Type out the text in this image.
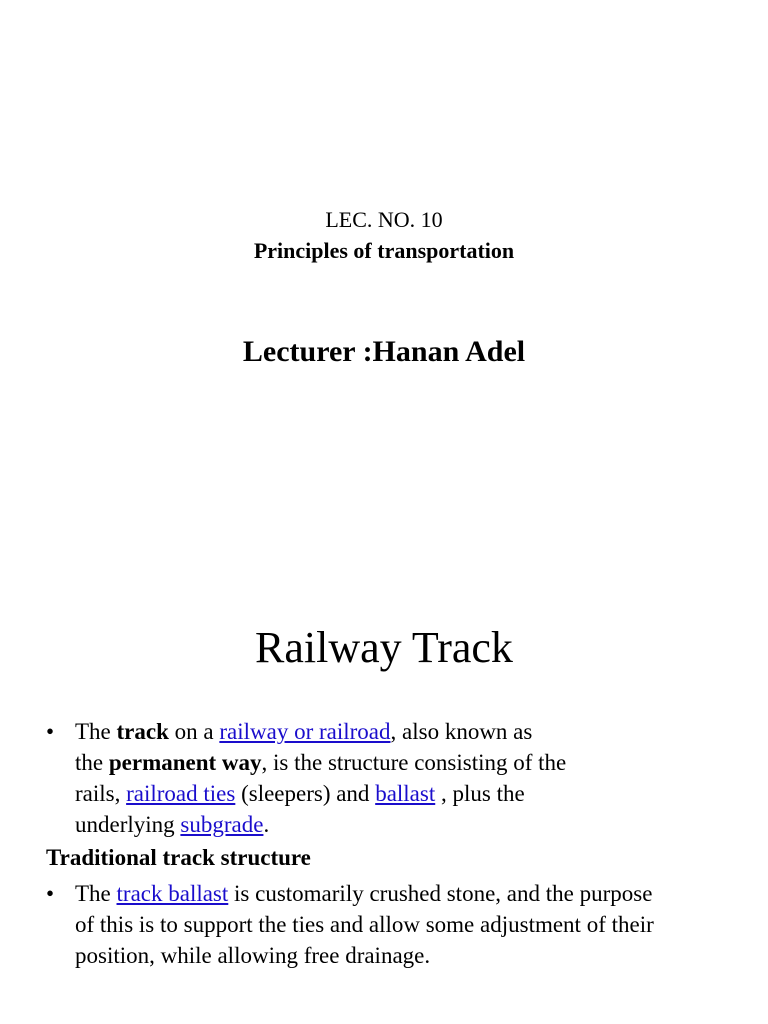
LEC. NO. 10
Principles of transportation
Lecturer :Hanan Adel
Railway Track
• The track on a railway or railroad, also known as
the permanent way, is the structure consisting of the
rails, railroad ties (sleepers) and ballast , plus the
underlying subgrade.
Traditional track structure
• The track ballast is customarily crushed stone, and the purpose
of this is to support the ties and allow some adjustment of their
position, while allowing free drainage.
